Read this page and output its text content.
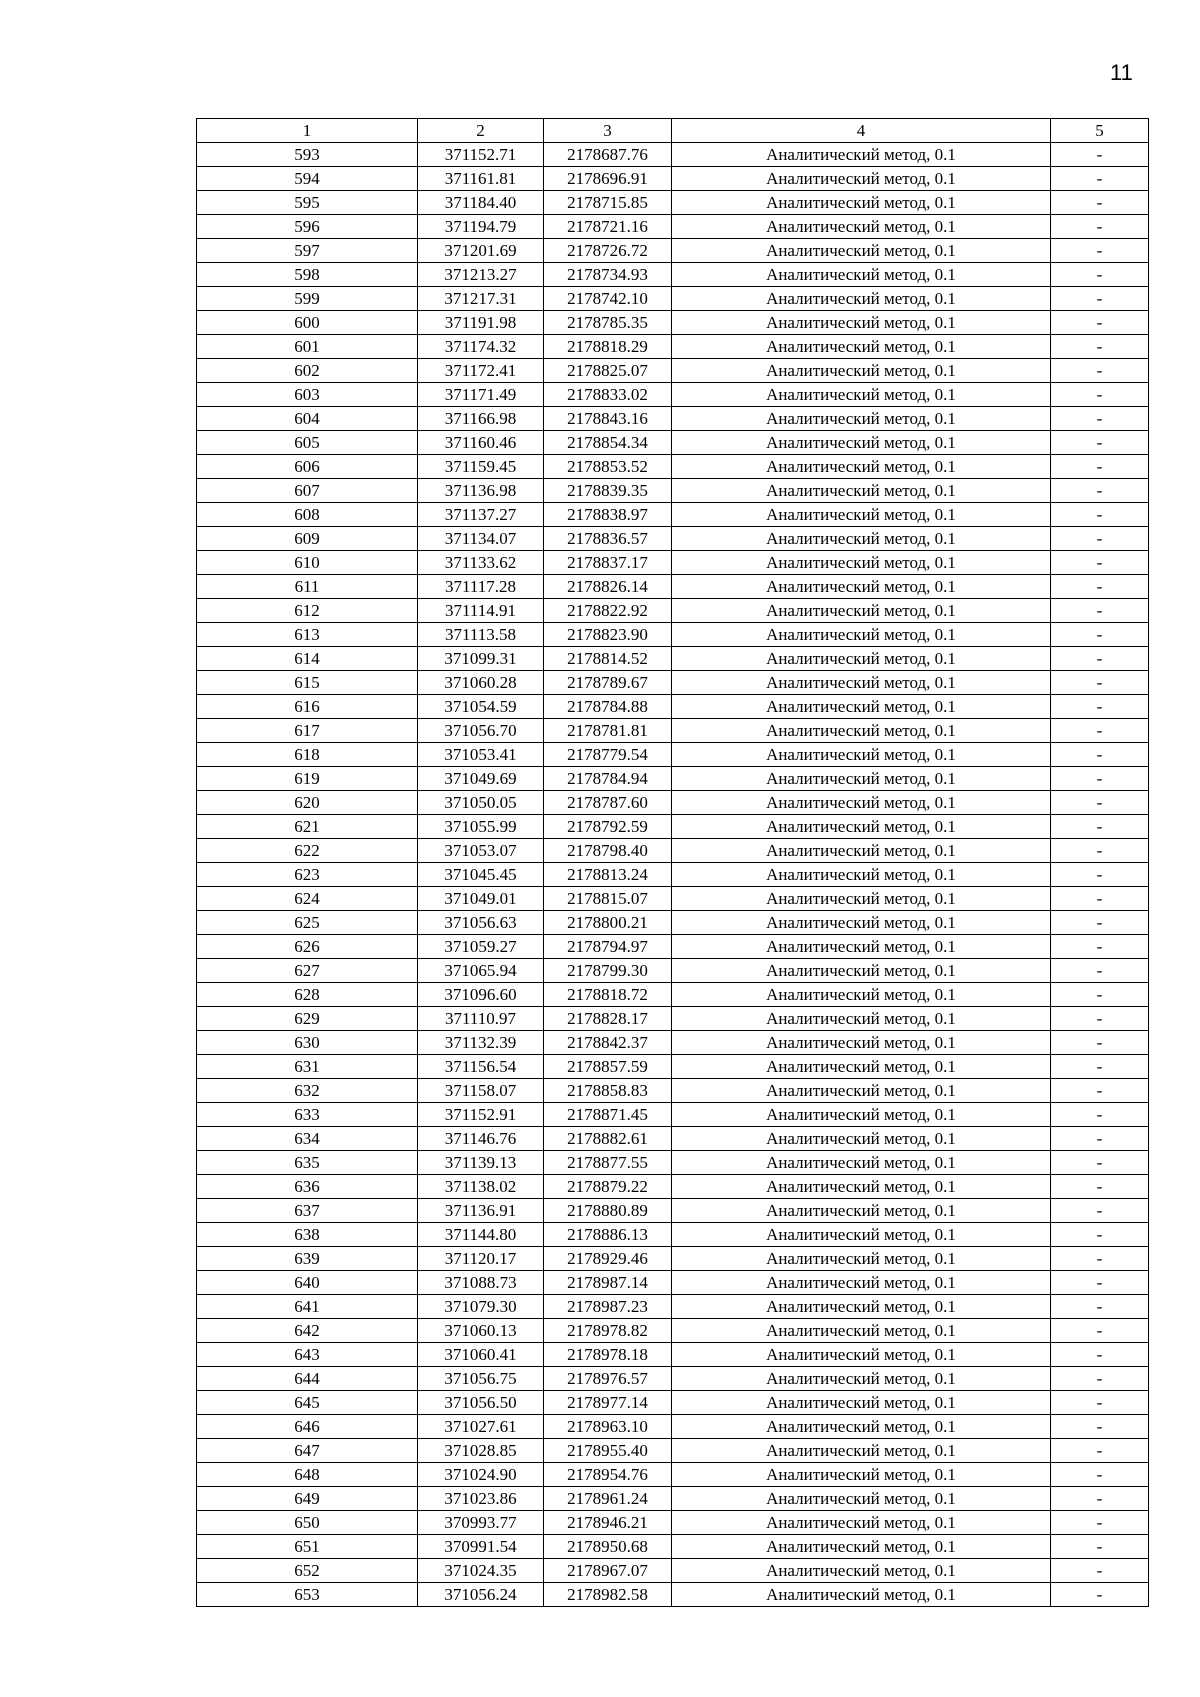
11
1	2	3	4	5
593	371152.71	2178687.76	Аналитический метод, 0.1	-
594	371161.81	2178696.91	Аналитический метод, 0.1	-
595	371184.40	2178715.85	Аналитический метод, 0.1	-
596	371194.79	2178721.16	Аналитический метод, 0.1	-
597	371201.69	2178726.72	Аналитический метод, 0.1	-
598	371213.27	2178734.93	Аналитический метод, 0.1	-
599	371217.31	2178742.10	Аналитический метод, 0.1	-
600	371191.98	2178785.35	Аналитический метод, 0.1	-
601	371174.32	2178818.29	Аналитический метод, 0.1	-
602	371172.41	2178825.07	Аналитический метод, 0.1	-
603	371171.49	2178833.02	Аналитический метод, 0.1	-
604	371166.98	2178843.16	Аналитический метод, 0.1	-
605	371160.46	2178854.34	Аналитический метод, 0.1	-
606	371159.45	2178853.52	Аналитический метод, 0.1	-
607	371136.98	2178839.35	Аналитический метод, 0.1	-
608	371137.27	2178838.97	Аналитический метод, 0.1	-
609	371134.07	2178836.57	Аналитический метод, 0.1	-
610	371133.62	2178837.17	Аналитический метод, 0.1	-
611	371117.28	2178826.14	Аналитический метод, 0.1	-
612	371114.91	2178822.92	Аналитический метод, 0.1	-
613	371113.58	2178823.90	Аналитический метод, 0.1	-
614	371099.31	2178814.52	Аналитический метод, 0.1	-
615	371060.28	2178789.67	Аналитический метод, 0.1	-
616	371054.59	2178784.88	Аналитический метод, 0.1	-
617	371056.70	2178781.81	Аналитический метод, 0.1	-
618	371053.41	2178779.54	Аналитический метод, 0.1	-
619	371049.69	2178784.94	Аналитический метод, 0.1	-
620	371050.05	2178787.60	Аналитический метод, 0.1	-
621	371055.99	2178792.59	Аналитический метод, 0.1	-
622	371053.07	2178798.40	Аналитический метод, 0.1	-
623	371045.45	2178813.24	Аналитический метод, 0.1	-
624	371049.01	2178815.07	Аналитический метод, 0.1	-
625	371056.63	2178800.21	Аналитический метод, 0.1	-
626	371059.27	2178794.97	Аналитический метод, 0.1	-
627	371065.94	2178799.30	Аналитический метод, 0.1	-
628	371096.60	2178818.72	Аналитический метод, 0.1	-
629	371110.97	2178828.17	Аналитический метод, 0.1	-
630	371132.39	2178842.37	Аналитический метод, 0.1	-
631	371156.54	2178857.59	Аналитический метод, 0.1	-
632	371158.07	2178858.83	Аналитический метод, 0.1	-
633	371152.91	2178871.45	Аналитический метод, 0.1	-
634	371146.76	2178882.61	Аналитический метод, 0.1	-
635	371139.13	2178877.55	Аналитический метод, 0.1	-
636	371138.02	2178879.22	Аналитический метод, 0.1	-
637	371136.91	2178880.89	Аналитический метод, 0.1	-
638	371144.80	2178886.13	Аналитический метод, 0.1	-
639	371120.17	2178929.46	Аналитический метод, 0.1	-
640	371088.73	2178987.14	Аналитический метод, 0.1	-
641	371079.30	2178987.23	Аналитический метод, 0.1	-
642	371060.13	2178978.82	Аналитический метод, 0.1	-
643	371060.41	2178978.18	Аналитический метод, 0.1	-
644	371056.75	2178976.57	Аналитический метод, 0.1	-
645	371056.50	2178977.14	Аналитический метод, 0.1	-
646	371027.61	2178963.10	Аналитический метод, 0.1	-
647	371028.85	2178955.40	Аналитический метод, 0.1	-
648	371024.90	2178954.76	Аналитический метод, 0.1	-
649	371023.86	2178961.24	Аналитический метод, 0.1	-
650	370993.77	2178946.21	Аналитический метод, 0.1	-
651	370991.54	2178950.68	Аналитический метод, 0.1	-
652	371024.35	2178967.07	Аналитический метод, 0.1	-
653	371056.24	2178982.58	Аналитический метод, 0.1	-
